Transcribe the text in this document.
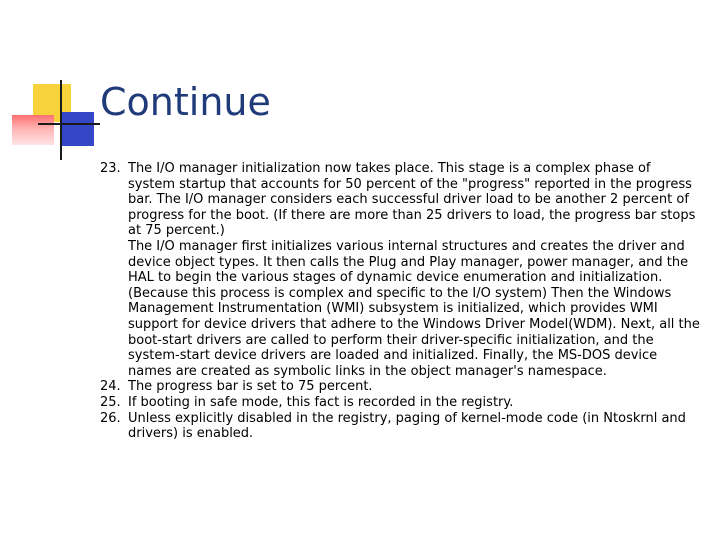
Continue
23. The I/O manager initialization now takes place. This stage is a complex phase of system startup that accounts for 50 percent of the "progress" reported in the progress bar. The I/O manager considers each successful driver load to be another 2 percent of progress for the boot. (If there are more than 25 drivers to load, the progress bar stops at 75 percent.)

The I/O manager first initializes various internal structures and creates the driver and device object types. It then calls the Plug and Play manager, power manager, and the HAL to begin the various stages of dynamic device enumeration and initialization. (Because this process is complex and specific to the I/O system) Then the Windows Management Instrumentation (WMI) subsystem is initialized, which provides WMI support for device drivers that adhere to the Windows Driver Model(WDM). Next, all the boot-start drivers are called to perform their driver-specific initialization, and the system-start device drivers are loaded and initialized. Finally, the MS-DOS device names are created as symbolic links in the object manager's namespace.

24. The progress bar is set to 75 percent.

25. If booting in safe mode, this fact is recorded in the registry.

26. Unless explicitly disabled in the registry, paging of kernel-mode code (in Ntoskrnl and drivers) is enabled.
